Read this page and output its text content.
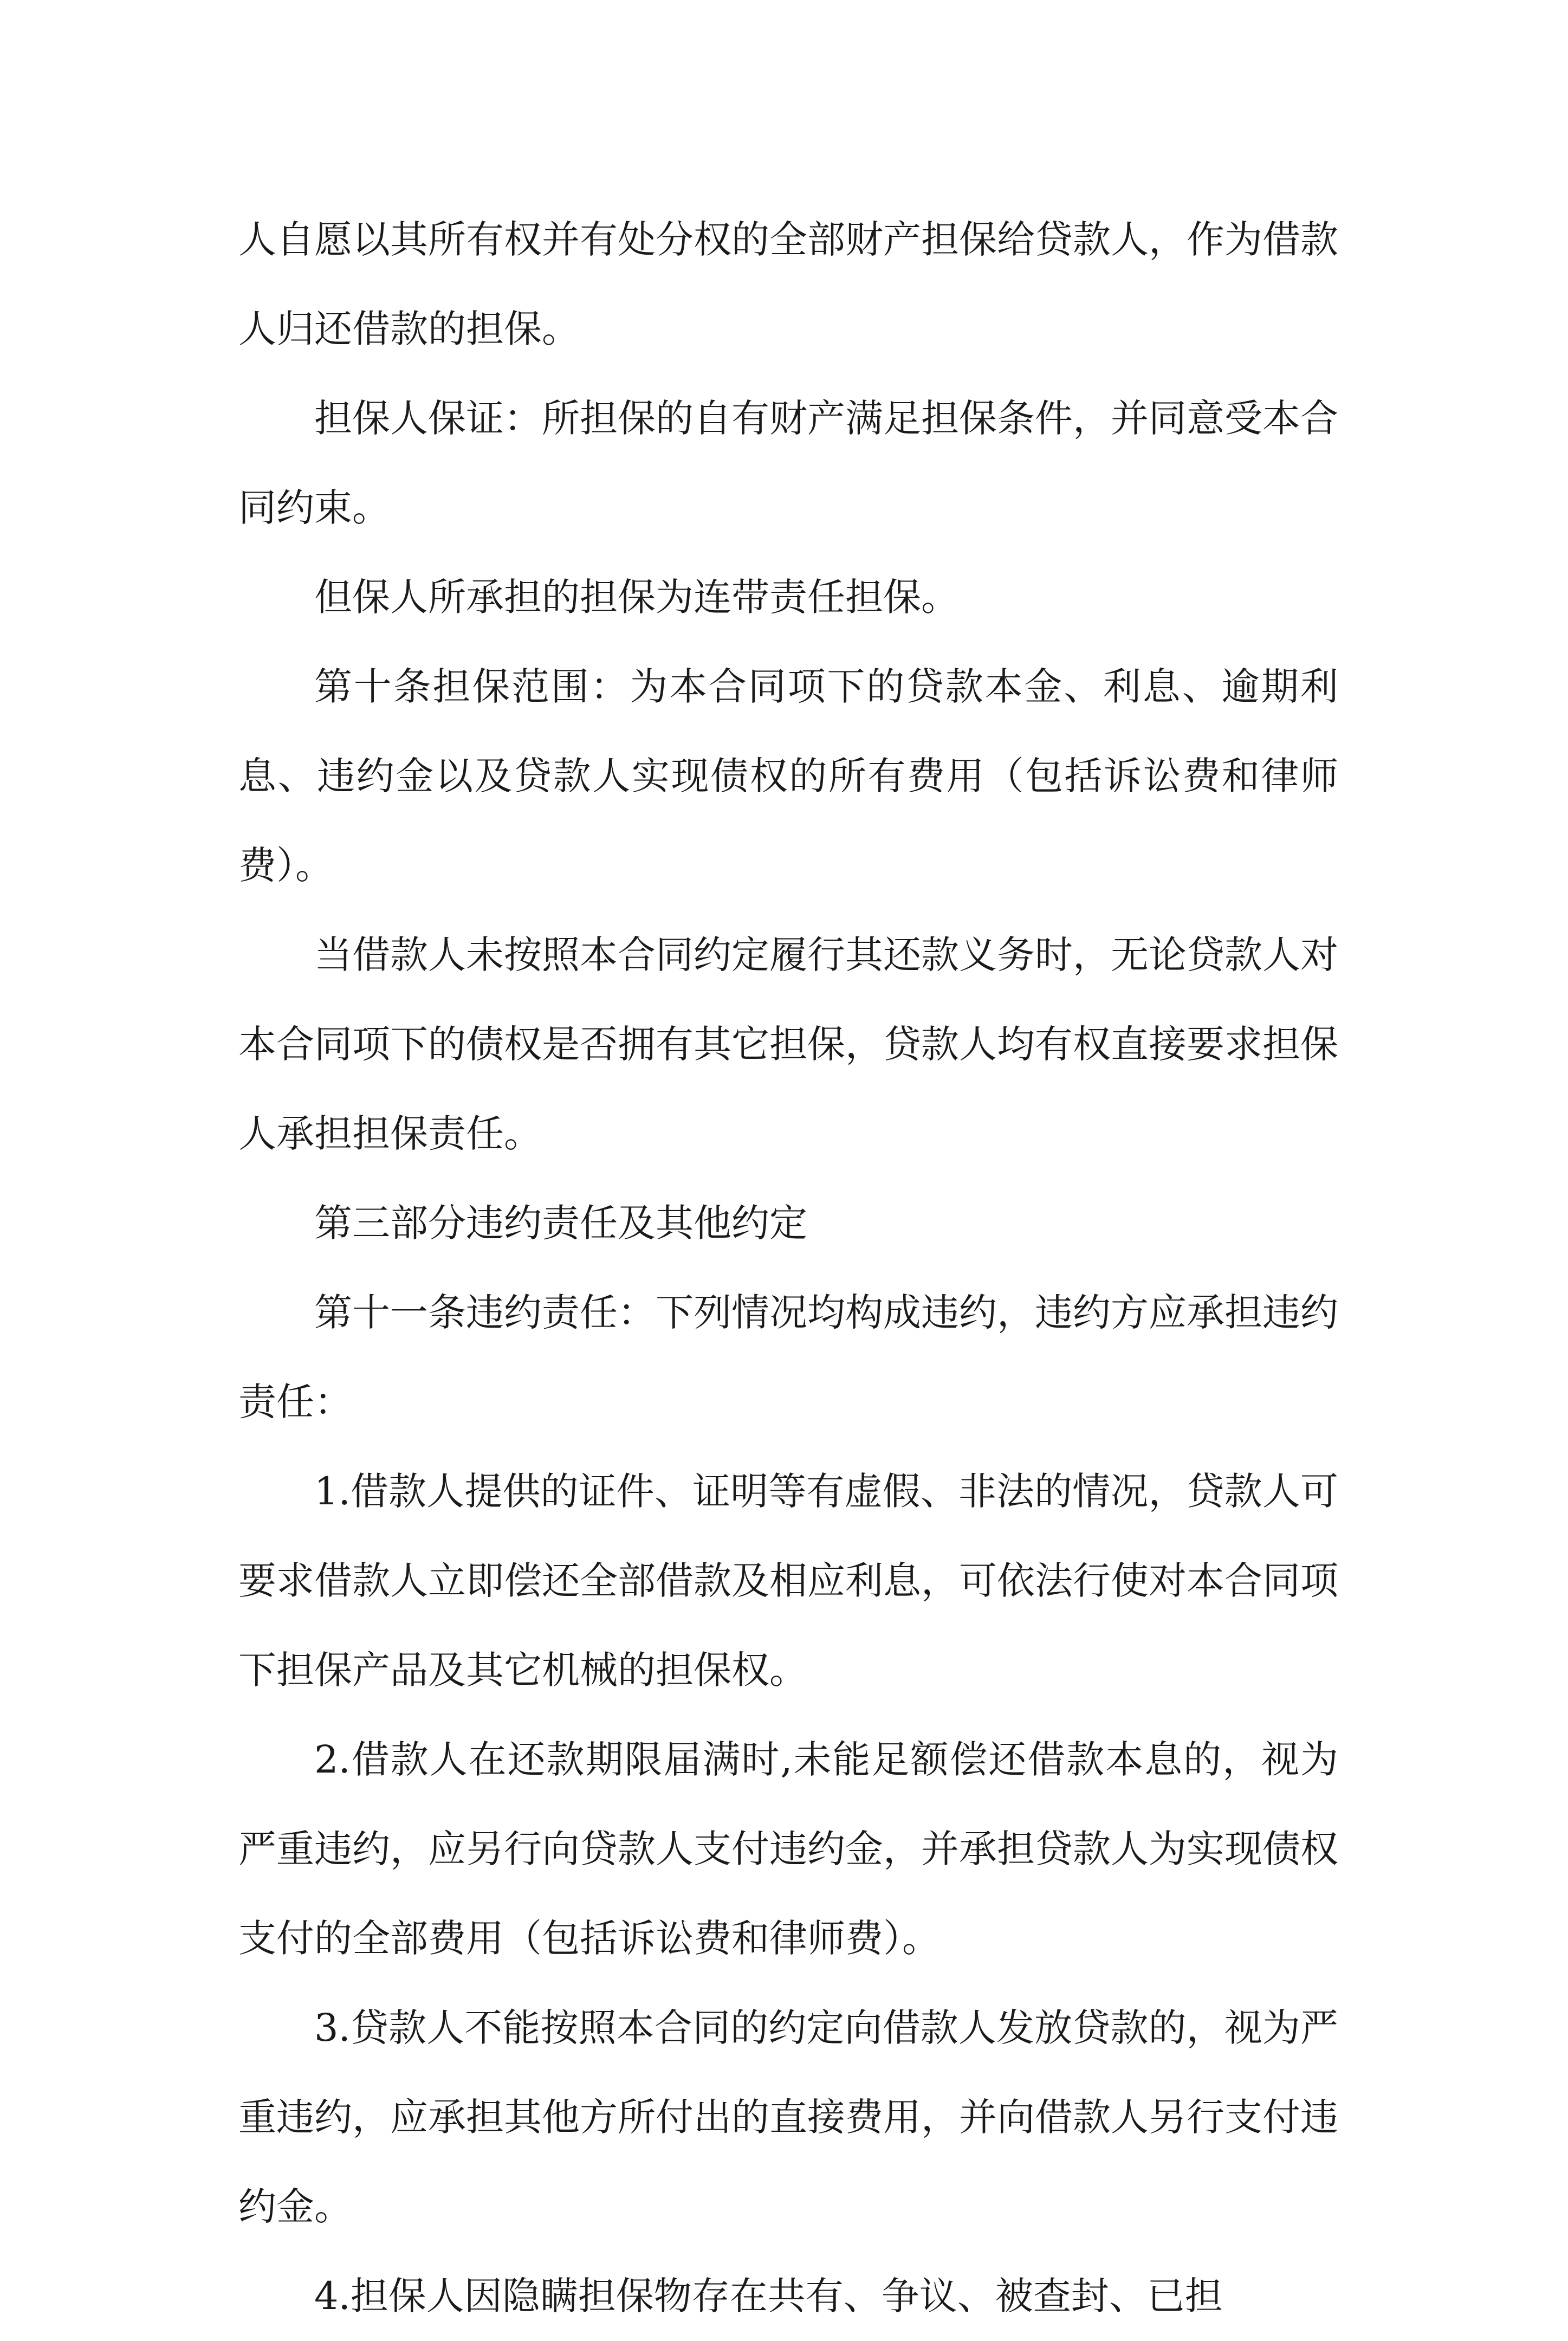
人自愿以其所有权并有处分权的全部财产担保给贷款人，作为借款人归还借款的担保。

担保人保证：所担保的自有财产满足担保条件，并同意受本合同约束。

但保人所承担的担保为连带责任担保。

第十条担保范围：为本合同项下的贷款本金、利息、逾期利息、违约金以及贷款人实现债权的所有费用（包括诉讼费和律师费）。

当借款人未按照本合同约定履行其还款义务时，无论贷款人对本合同项下的债权是否拥有其它担保，贷款人均有权直接要求担保人承担担保责任。

第三部分违约责任及其他约定

第十一条违约责任：下列情况均构成违约，违约方应承担违约责任：

1.借款人提供的证件、证明等有虚假、非法的情况，贷款人可要求借款人立即偿还全部借款及相应利息，可依法行使对本合同项下担保产品及其它机械的担保权。

2.借款人在还款期限届满时,未能足额偿还借款本息的，视为严重违约，应另行向贷款人支付违约金，并承担贷款人为实现债权支付的全部费用（包括诉讼费和律师费）。

3.贷款人不能按照本合同的约定向借款人发放贷款的，视为严重违约，应承担其他方所付出的直接费用，并向借款人另行支付违约金。

4.担保人因隐瞒担保物存在共有、争议、被查封、已担
